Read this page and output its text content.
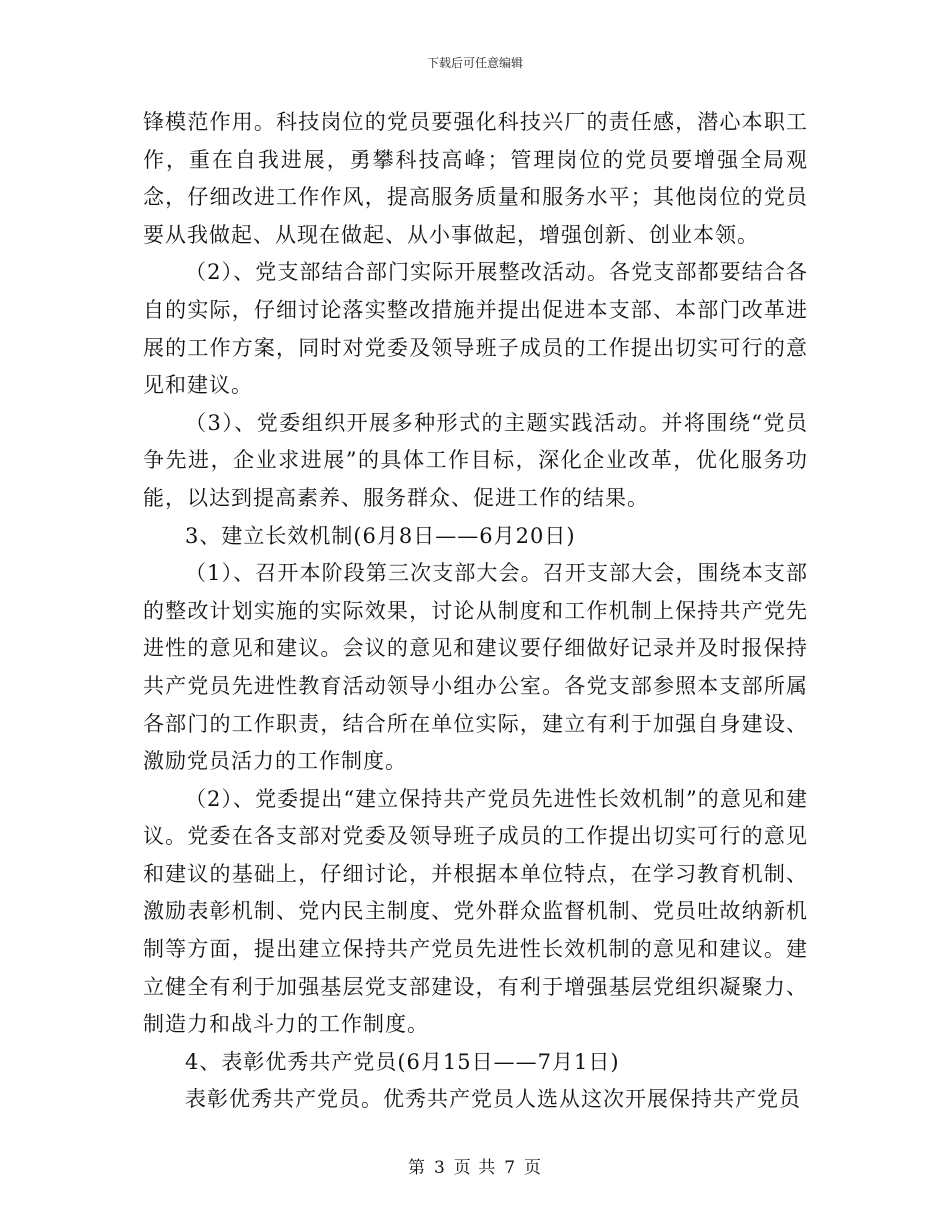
下载后可任意编辑

锋模范作用。科技岗位的党员要强化科技兴厂的责任感，潜心本职工作，重在自我进展，勇攀科技高峰；管理岗位的党员要增强全局观念，仔细改进工作作风，提高服务质量和服务水平；其他岗位的党员要从我做起、从现在做起、从小事做起，增强创新、创业本领。

（2）、党支部结合部门实际开展整改活动。各党支部都要结合各自的实际，仔细讨论落实整改措施并提出促进本支部、本部门改革进展的工作方案，同时对党委及领导班子成员的工作提出切实可行的意见和建议。

（3）、党委组织开展多种形式的主题实践活动。并将围绕“党员争先进，企业求进展”的具体工作目标，深化企业改革，优化服务功能，以达到提高素养、服务群众、促进工作的结果。

3、建立长效机制(6月8日——6月20日)

（1）、召开本阶段第三次支部大会。召开支部大会，围绕本支部的整改计划实施的实际效果，讨论从制度和工作机制上保持共产党先进性的意见和建议。会议的意见和建议要仔细做好记录并及时报保持共产党员先进性教育活动领导小组办公室。各党支部参照本支部所属各部门的工作职责，结合所在单位实际，建立有利于加强自身建设、激励党员活力的工作制度。

（2）、党委提出“建立保持共产党员先进性长效机制”的意见和建议。党委在各支部对党委及领导班子成员的工作提出切实可行的意见和建议的基础上，仔细讨论，并根据本单位特点，在学习教育机制、激励表彰机制、党内民主制度、党外群众监督机制、党员吐故纳新机制等方面，提出建立保持共产党员先进性长效机制的意见和建议。建立健全有利于加强基层党支部建设，有利于增强基层党组织凝聚力、制造力和战斗力的工作制度。

4、表彰优秀共产党员(6月15日——7月1日)

表彰优秀共产党员。优秀共产党员人选从这次开展保持共产党员

第 3 页 共 7 页
